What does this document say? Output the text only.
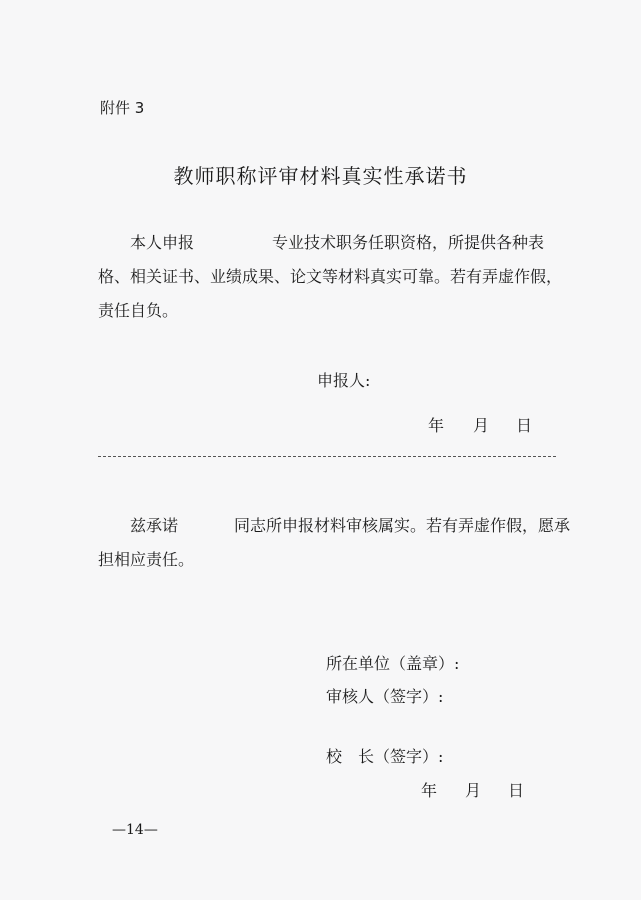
附件 3
教师职称评审材料真实性承诺书
本人申报	专业技术职务任职资格，所提供各种表格、相关证书、业绩成果、论文等材料真实可靠。若有弄虚作假，责任自负。
申报人:
年 月 日
兹承诺	同志所申报材料审核属实。若有弄虚作假，愿承担相应责任。
所在单位（盖章）:
审核人（签字）:
校　长（签字）:
年 月 日
—14—
